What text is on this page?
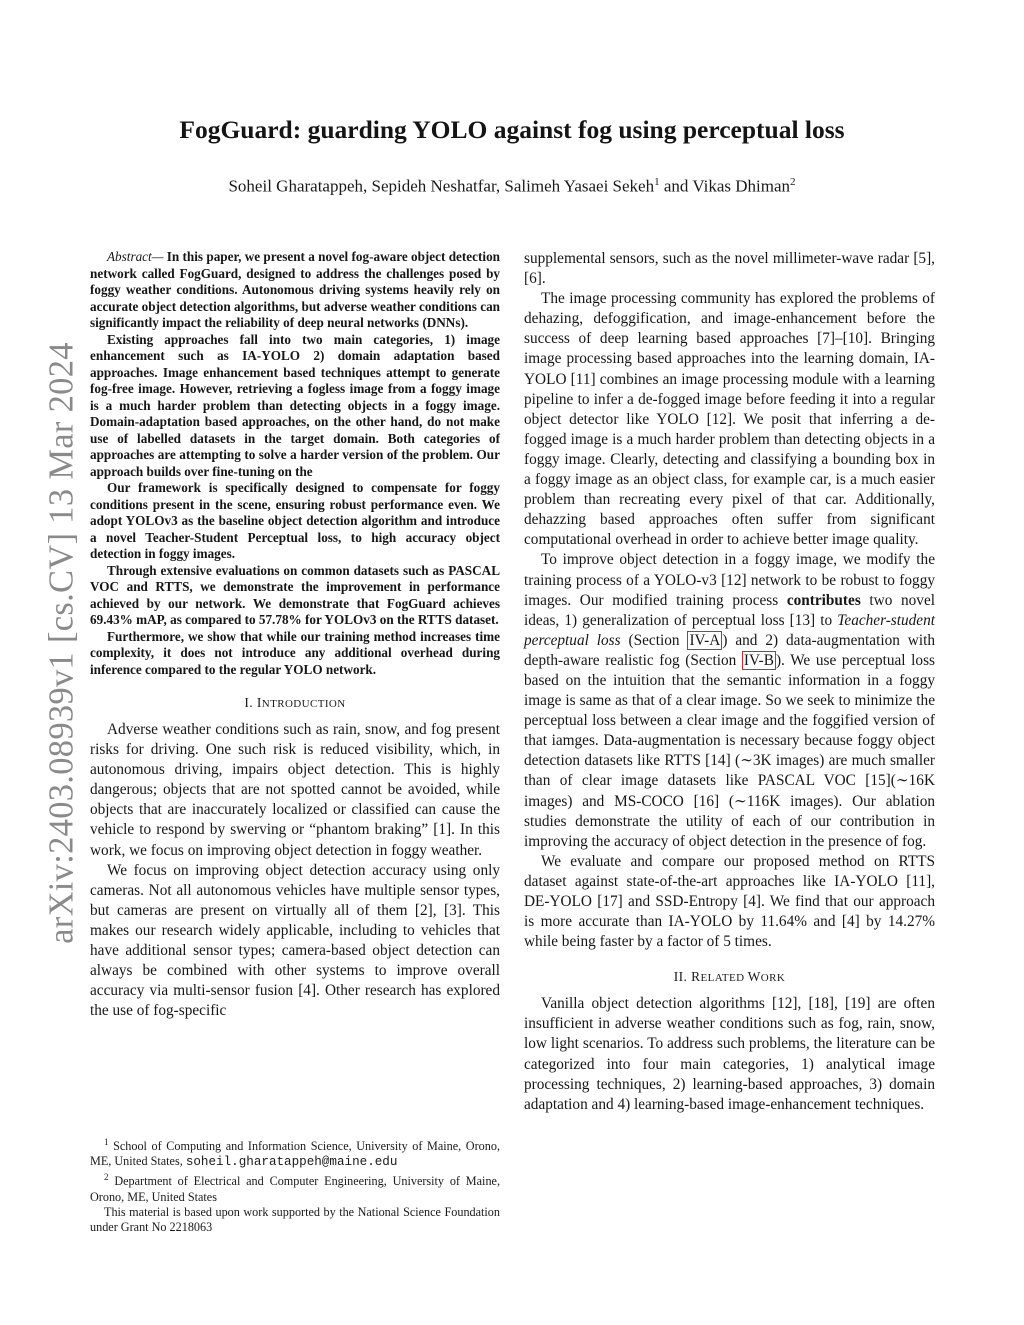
arXiv:2403.08939v1 [cs.CV] 13 Mar 2024
FogGuard: guarding YOLO against fog using perceptual loss
Soheil Gharatappeh, Sepideh Neshatfar, Salimeh Yasaei Sekeh$^1$ and Vikas Dhiman$^2$

Abstract— In this paper, we present a novel fog-aware object detection network called FogGuard, designed to address the challenges posed by foggy weather conditions. Autonomous driving systems heavily rely on accurate object detection algorithms, but adverse weather conditions can significantly impact the reliability of deep neural networks (DNNs).

Existing approaches fall into two main categories, 1) image enhancement such as IA-YOLO 2) domain adaptation based approaches. Image enhancement based techniques attempt to generate fog-free image. However, retrieving a fogless image from a foggy image is a much harder problem than detecting objects in a foggy image. Domain-adaptation based approaches, on the other hand, do not make use of labelled datasets in the target domain. Both categories of approaches are attempting to solve a harder version of the problem. Our approach builds over fine-tuning on the

Our framework is specifically designed to compensate for foggy conditions present in the scene, ensuring robust performance even. We adopt YOLOv3 as the baseline object detection algorithm and introduce a novel Teacher-Student Perceptual loss, to high accuracy object detection in foggy images.

Through extensive evaluations on common datasets such as PASCAL VOC and RTTS, we demonstrate the improvement in performance achieved by our network. We demonstrate that FogGuard achieves 69.43% mAP, as compared to 57.78% for YOLOv3 on the RTTS dataset.

Furthermore, we show that while our training method increases time complexity, it does not introduce any additional overhead during inference compared to the regular YOLO network.

I. INTRODUCTION

Adverse weather conditions such as rain, snow, and fog present risks for driving. One such risk is reduced visibility, which, in autonomous driving, impairs object detection. This is highly dangerous; objects that are not spotted cannot be avoided, while objects that are inaccurately localized or classified can cause the vehicle to respond by swerving or “phantom braking” [1]. In this work, we focus on improving object detection in foggy weather.

We focus on improving object detection accuracy using only cameras. Not all autonomous vehicles have multiple sensor types, but cameras are present on virtually all of them [2], [3]. This makes our research widely applicable, including to vehicles that have additional sensor types; camera-based object detection can always be combined with other systems to improve overall accuracy via multi-sensor fusion [4]. Other research has explored the use of fog-specific

$^1$ School of Computing and Information Science, University of Maine, Orono, ME, United States, soheil.gharatappeh@maine.edu

$^2$ Department of Electrical and Computer Engineering, University of Maine, Orono, ME, United States

This material is based upon work supported by the National Science Foundation under Grant No 2218063

supplemental sensors, such as the novel millimeter-wave radar [5], [6].

The image processing community has explored the problems of dehazing, defoggification, and image-enhancement before the success of deep learning based approaches [7]–[10]. Bringing image processing based approaches into the learning domain, IA-YOLO [11] combines an image processing module with a learning pipeline to infer a de-fogged image before feeding it into a regular object detector like YOLO [12]. We posit that inferring a de-fogged image is a much harder problem than detecting objects in a foggy image. Clearly, detecting and classifying a bounding box in a foggy image as an object class, for example car, is a much easier problem than recreating every pixel of that car. Additionally, dehazzing based approaches often suffer from significant computational overhead in order to achieve better image quality.

To improve object detection in a foggy image, we modify the training process of a YOLO-v3 [12] network to be robust to foggy images. Our modified training process contributes two novel ideas, 1) generalization of perceptual loss [13] to Teacher-student perceptual loss (Section IV-A ) and 2) data-augmentation with depth-aware realistic fog (Section IV-B ). We use perceptual loss based on the intuition that the semantic information in a foggy image is same as that of a clear image. So we seek to minimize the perceptual loss between a clear image and the foggified version of that iamges. Data-augmentation is necessary because foggy object detection datasets like RTTS [14] (∼3K images) are much smaller than of clear image datasets like PASCAL VOC [15](∼16K images) and MS-COCO [16] (∼116K images). Our ablation studies demonstrate the utility of each of our contribution in improving the accuracy of object detection in the presence of fog.

We evaluate and compare our proposed method on RTTS dataset against state-of-the-art approaches like IA-YOLO [11], DE-YOLO [17] and SSD-Entropy [4]. We find that our approach is more accurate than IA-YOLO by 11.64% and [4] by 14.27% while being faster by a factor of 5 times.

II. RELATED WORK

Vanilla object detection algorithms [12], [18], [19] are often insufficient in adverse weather conditions such as fog, rain, snow, low light scenarios. To address such problems, the literature can be categorized into four main categories, 1) analytical image processing techniques, 2) learning-based approaches, 3) domain adaptation and 4) learning-based image-enhancement techniques.
